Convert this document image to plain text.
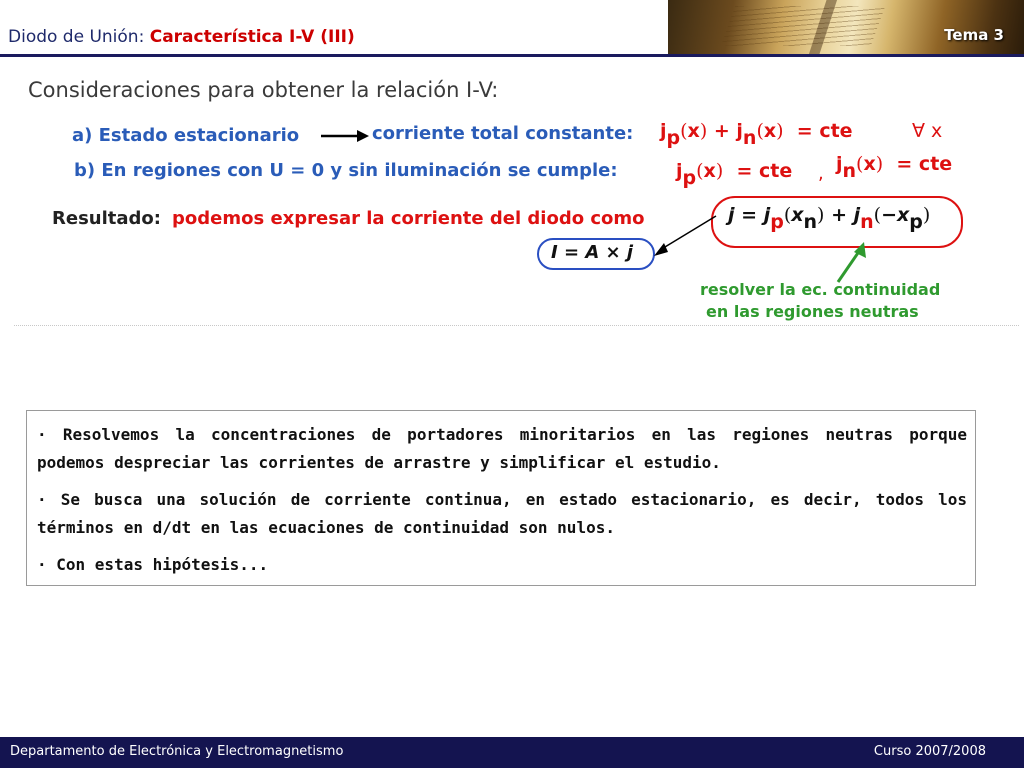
Diodo de Unión: Característica I-V (III)	Tema 3
Consideraciones para obtener la relación I-V:
a) Estado estacionario	corriente total constante: $j_p(x) + j_n(x)$ = cte	∀ x
b) En regiones con U = 0 y sin iluminación se cumple:	$j_p(x)$ = cte , $j_n(x)$ = cte
Resultado: podemos expresar la corriente del diodo como	$j = j_p(x_n) + j_n(-x_p)$
I = A × j
resolver la ec. continuidad
en las regiones neutras

· Resolvemos la concentraciones de portadores minoritarios en las regiones neutras porque podemos despreciar las corrientes de arrastre y simplificar el estudio.

· Se busca una solución de corriente continua, en estado estacionario, es decir, todos los términos en d/dt en las ecuaciones de continuidad son nulos.

· Con estas hipótesis...

Departamento de Electrónica y Electromagnetismo	Curso 2007/2008
